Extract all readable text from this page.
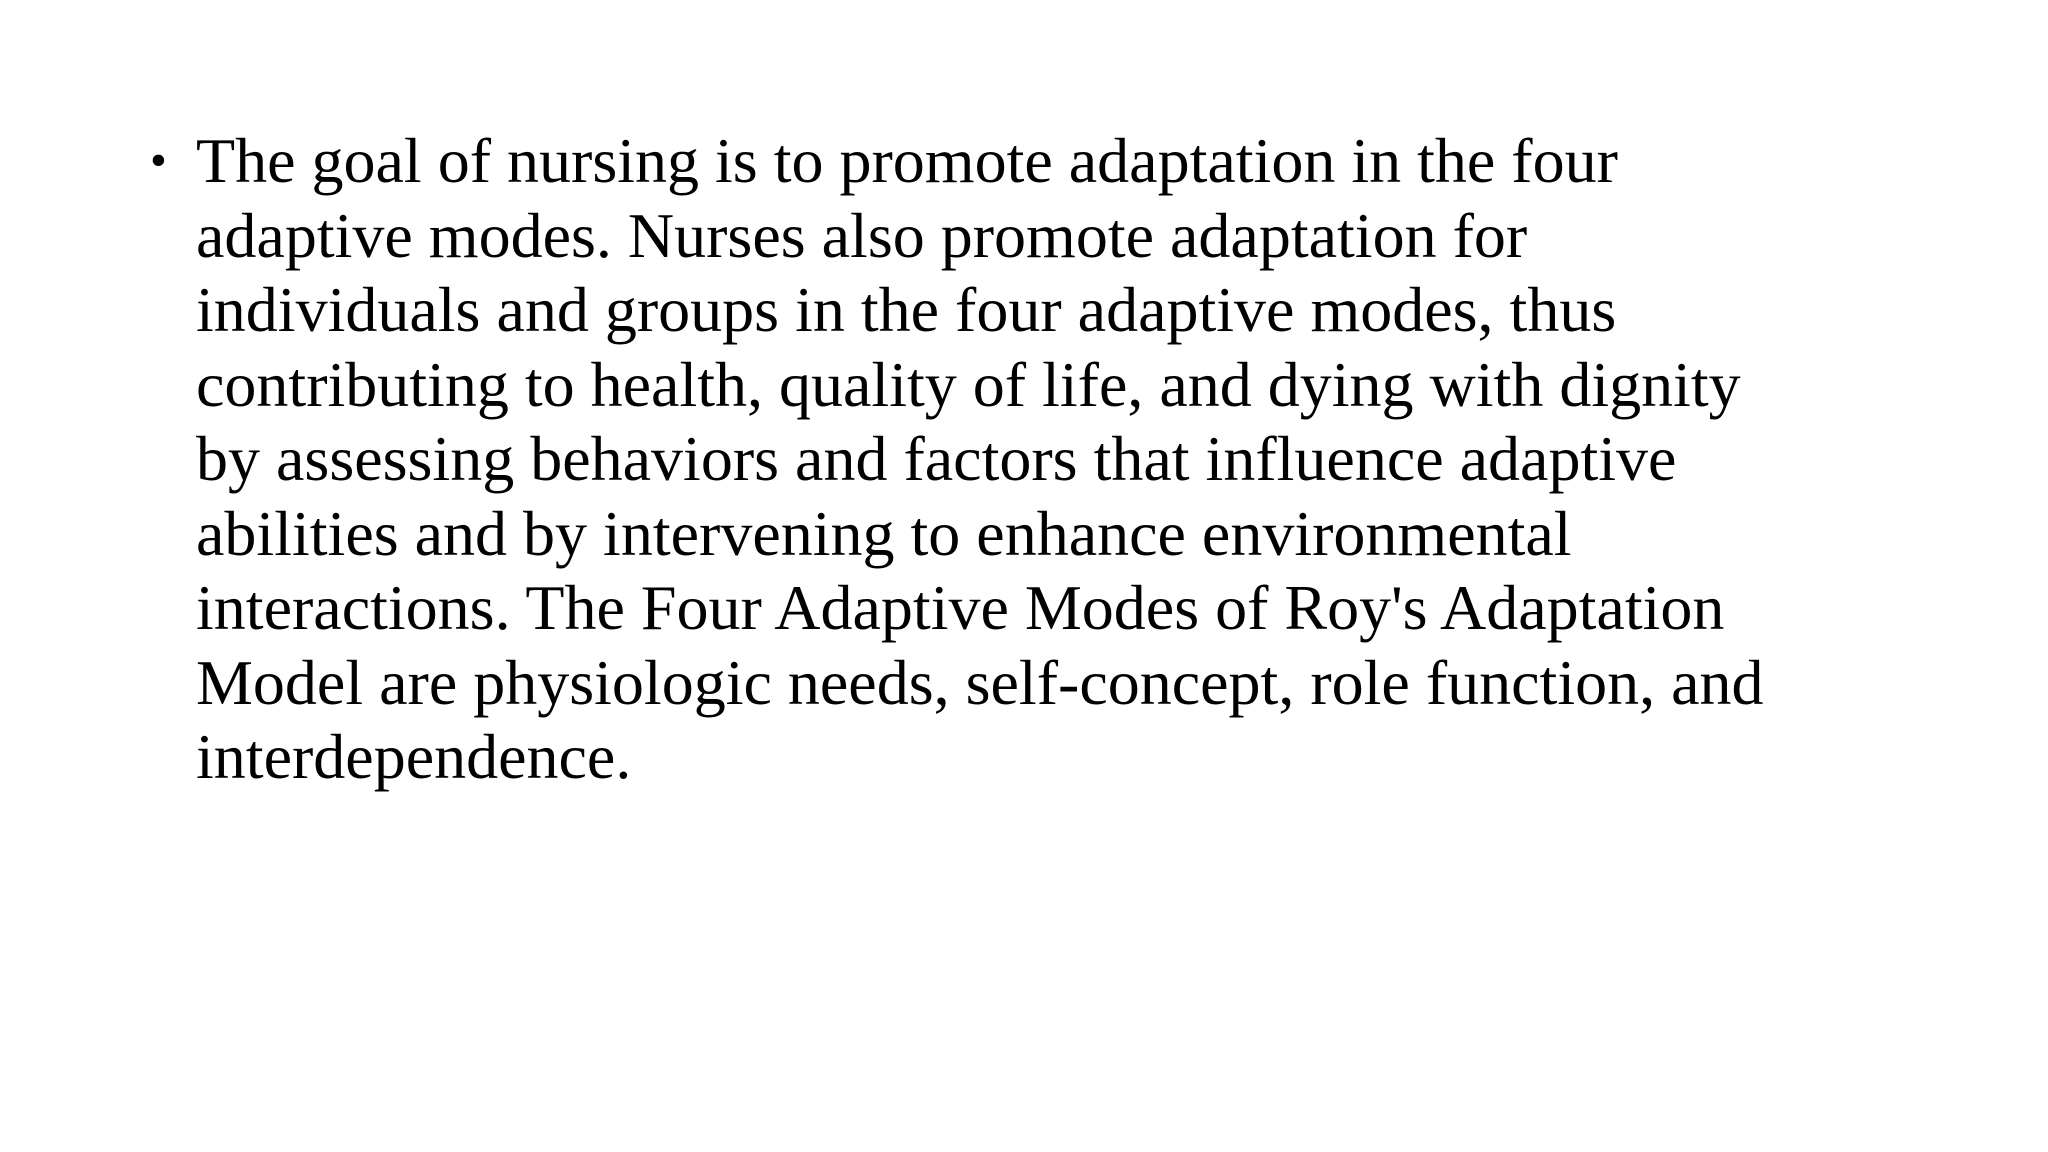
• The goal of nursing is to promote adaptation in the four
adaptive modes. Nurses also promote adaptation for
individuals and groups in the four adaptive modes, thus
contributing to health, quality of life, and dying with dignity
by assessing behaviors and factors that influence adaptive
abilities and by intervening to enhance environmental
interactions. The Four Adaptive Modes of Roy's Adaptation
Model are physiologic needs, self-concept, role function, and
interdependence.
